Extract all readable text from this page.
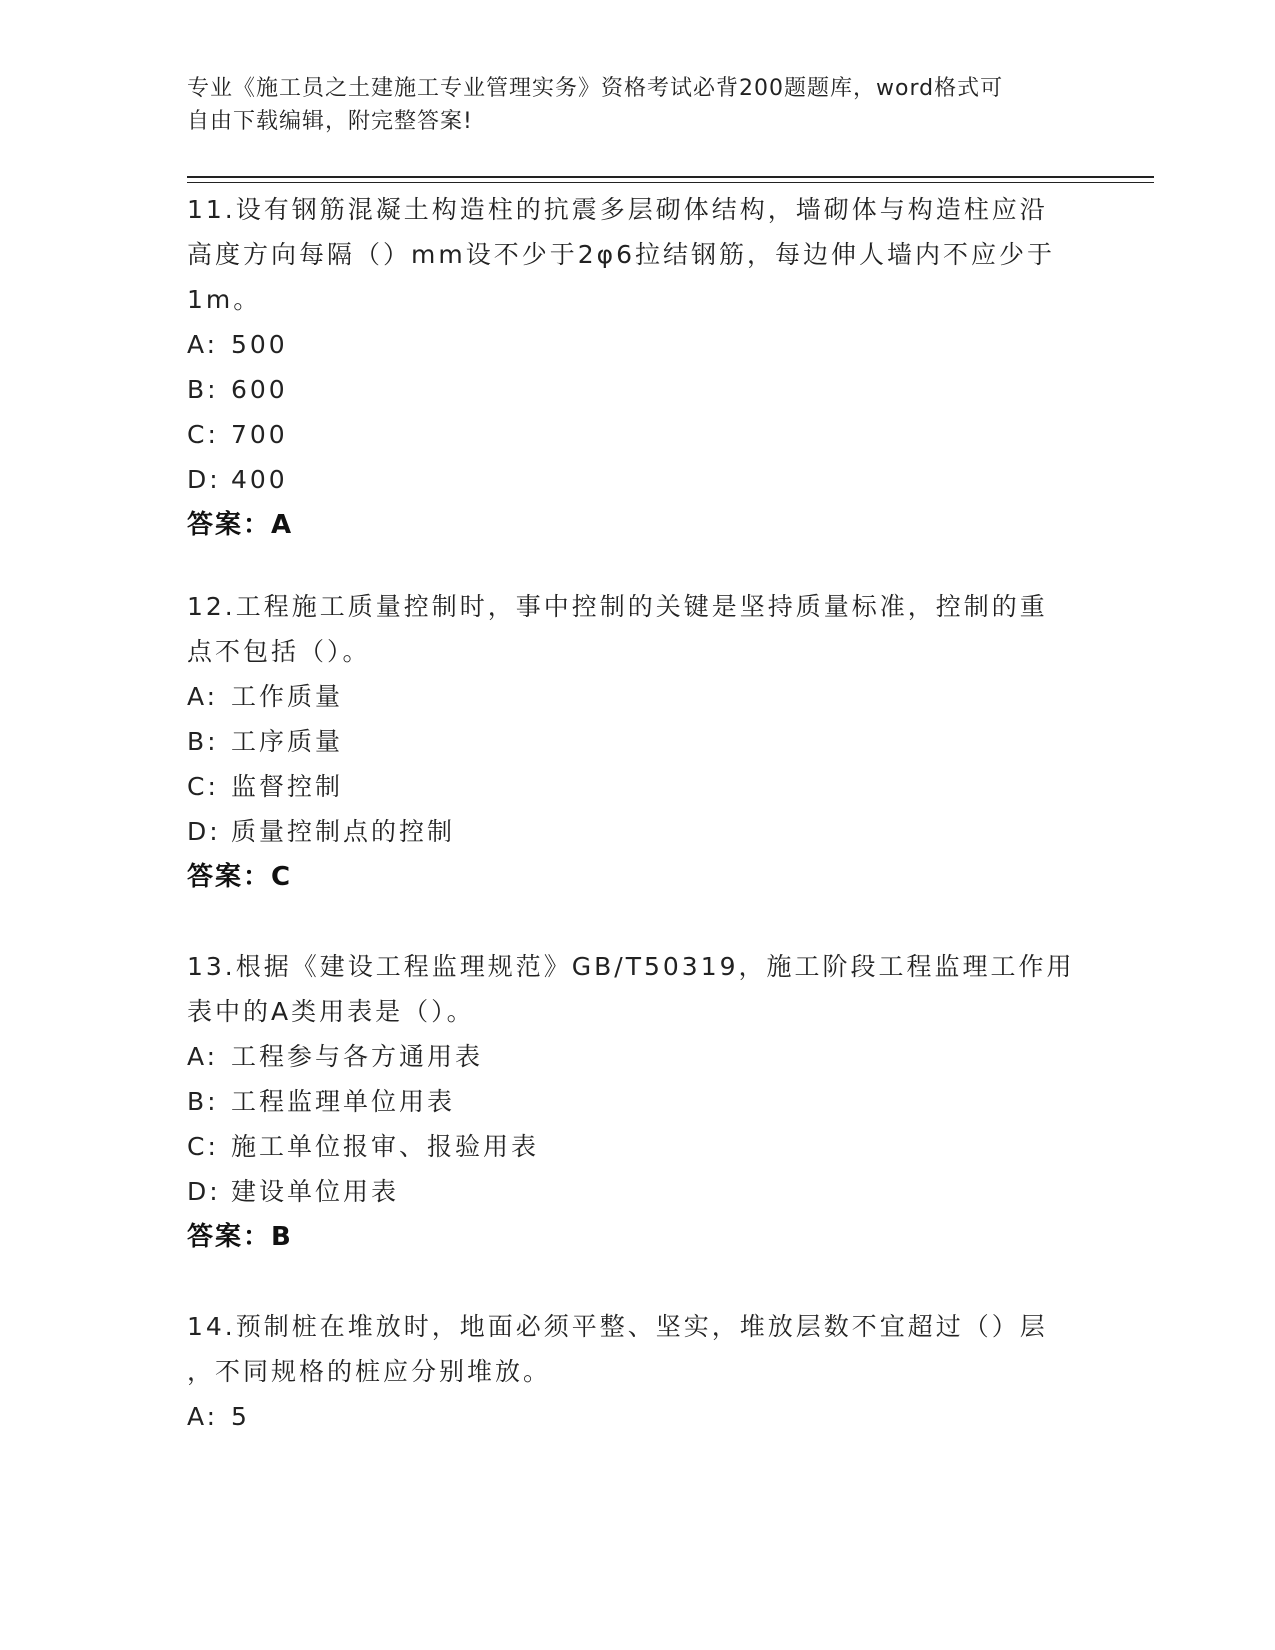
专业《施工员之土建施工专业管理实务》资格考试必背200题题库，word格式可
自由下载编辑，附完整答案!
11.设有钢筋混凝土构造柱的抗震多层砌体结构，墙砌体与构造柱应沿
高度方向每隔（）mm设不少于2φ6拉结钢筋，每边伸人墙内不应少于
1m。
A: 500
B: 600
C: 700
D: 400
答案：A
12.工程施工质量控制时，事中控制的关键是坚持质量标准，控制的重
点不包括（）。
A: 工作质量
B: 工序质量
C: 监督控制
D: 质量控制点的控制
答案：C
13.根据《建设工程监理规范》GB/T50319，施工阶段工程监理工作用
表中的A类用表是（）。
A: 工程参与各方通用表
B: 工程监理单位用表
C: 施工单位报审、报验用表
D: 建设单位用表
答案：B
14.预制桩在堆放时，地面必须平整、坚实，堆放层数不宜超过（）层
，不同规格的桩应分别堆放。
A: 5
